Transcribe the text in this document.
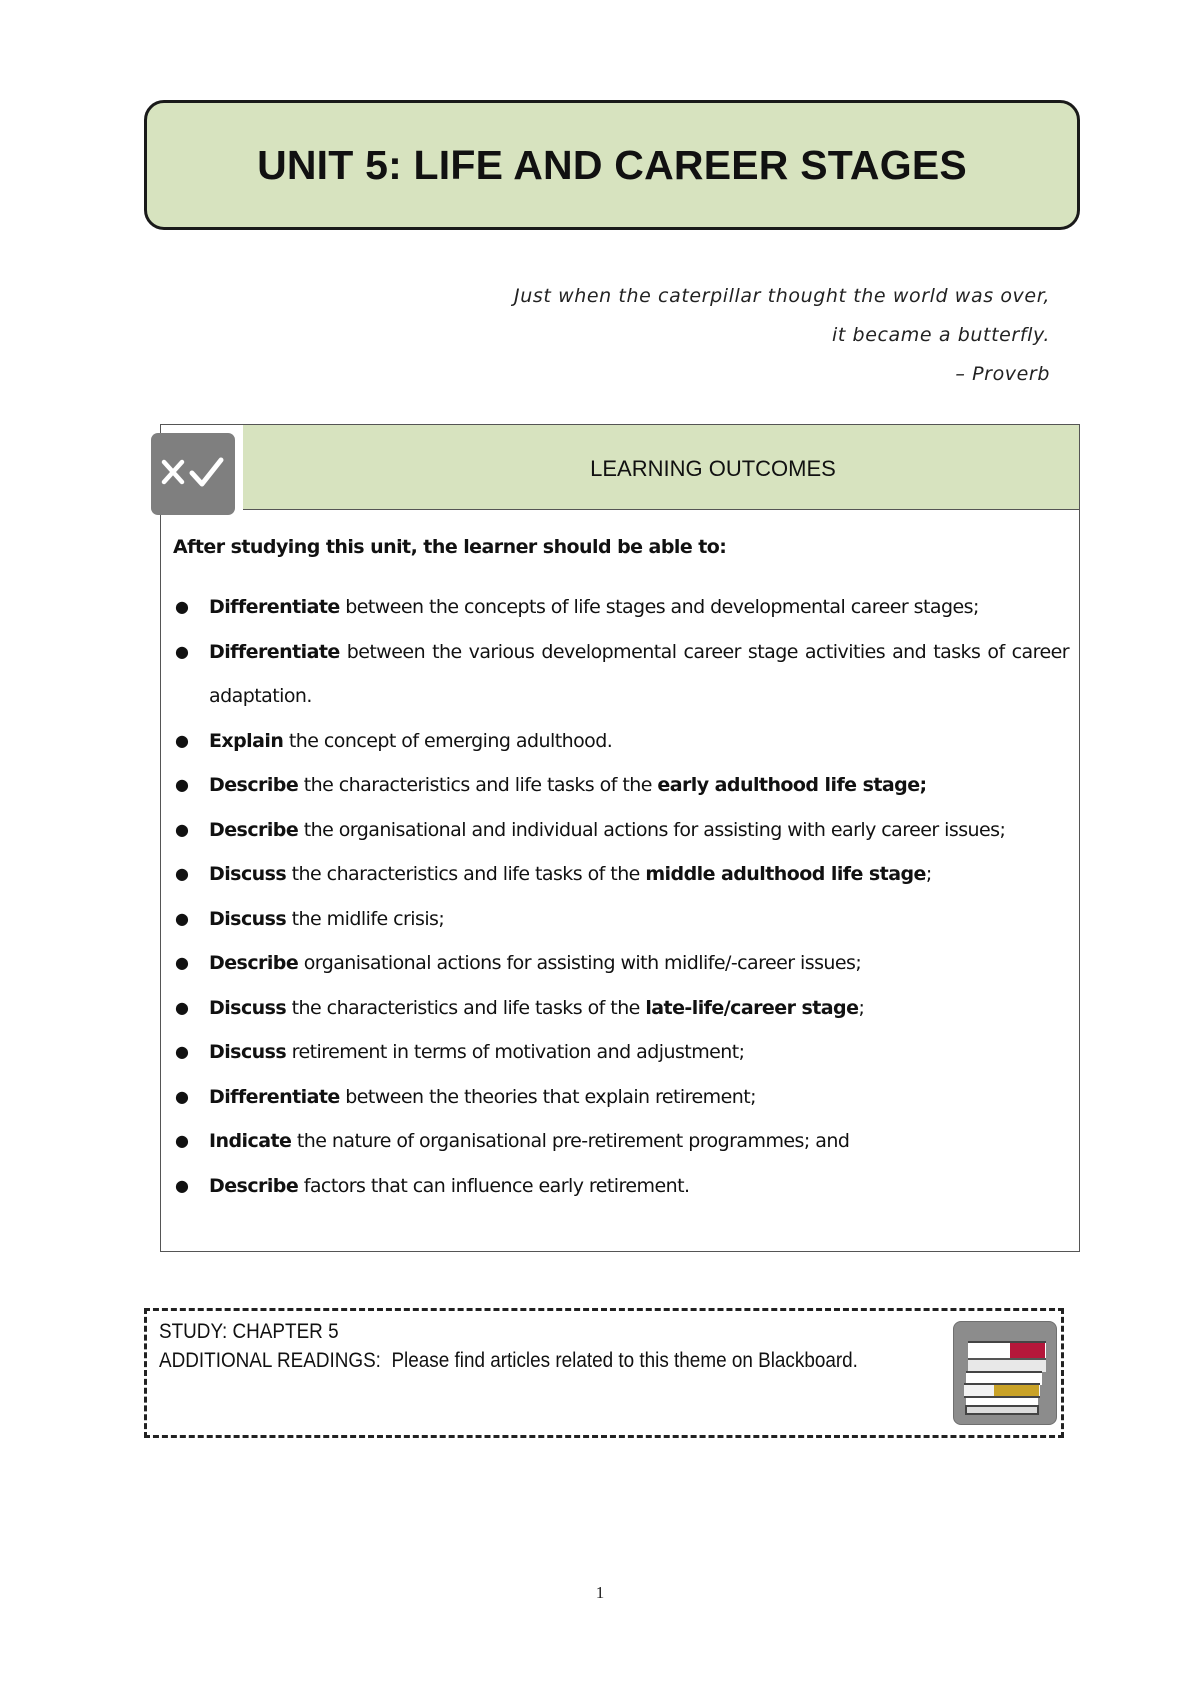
UNIT 5: LIFE AND CAREER STAGES

Just when the caterpillar thought the world was over,

it became a butterfly.

– Proverb

LEARNING OUTCOMES

After studying this unit, the learner should be able to:

● Differentiate between the concepts of life stages and developmental career stages;
● Differentiate between the various developmental career stage activities and tasks of career adaptation.
● Explain the concept of emerging adulthood.
● Describe the characteristics and life tasks of the early adulthood life stage;
● Describe the organisational and individual actions for assisting with early career issues;
● Discuss the characteristics and life tasks of the middle adulthood life stage;
● Discuss the midlife crisis;
● Describe organisational actions for assisting with midlife/-career issues;
● Discuss the characteristics and life tasks of the late-life/career stage;
● Discuss retirement in terms of motivation and adjustment;
● Differentiate between the theories that explain retirement;
● Indicate the nature of organisational pre-retirement programmes; and
● Describe factors that can influence early retirement.

STUDY: CHAPTER 5

ADDITIONAL READINGS: Please find articles related to this theme on Blackboard.

1
